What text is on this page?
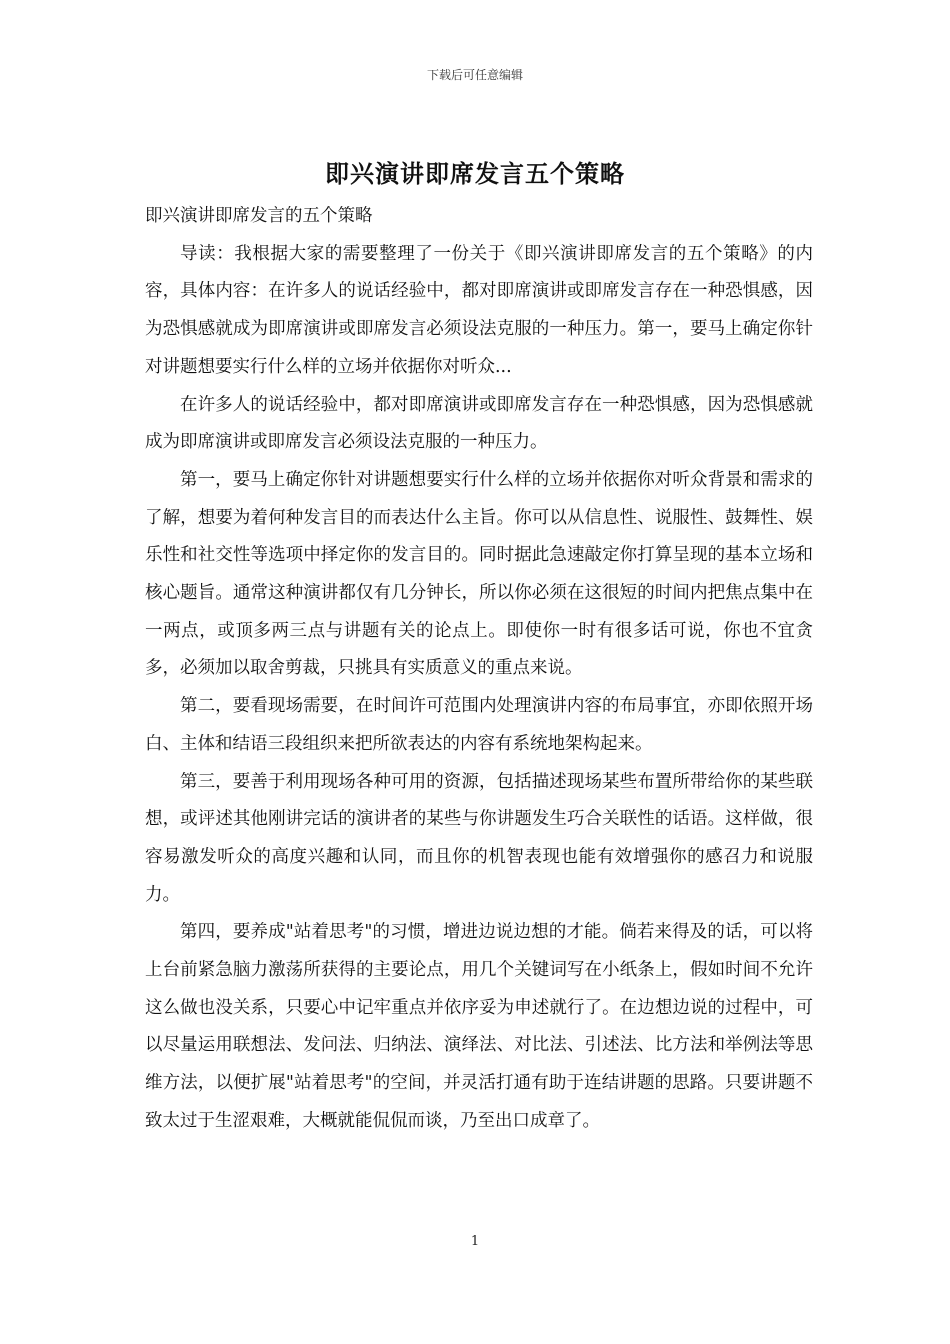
下载后可任意编辑
即兴演讲即席发言五个策略

即兴演讲即席发言的五个策略

导读：我根据大家的需要整理了一份关于《即兴演讲即席发言的五个策略》的内容，具体内容：在许多人的说话经验中，都对即席演讲或即席发言存在一种恐惧感，因为恐惧感就成为即席演讲或即席发言必须设法克服的一种压力。第一，要马上确定你针对讲题想要实行什么样的立场并依据你对听众...

在许多人的说话经验中，都对即席演讲或即席发言存在一种恐惧感，因为恐惧感就成为即席演讲或即席发言必须设法克服的一种压力。

第一，要马上确定你针对讲题想要实行什么样的立场并依据你对听众背景和需求的了解，想要为着何种发言目的而表达什么主旨。你可以从信息性、说服性、鼓舞性、娱乐性和社交性等选项中择定你的发言目的。同时据此急速敲定你打算呈现的基本立场和核心题旨。通常这种演讲都仅有几分钟长，所以你必须在这很短的时间内把焦点集中在一两点，或顶多两三点与讲题有关的论点上。即使你一时有很多话可说，你也不宜贪多，必须加以取舍剪裁，只挑具有实质意义的重点来说。

第二，要看现场需要，在时间许可范围内处理演讲内容的布局事宜，亦即依照开场白、主体和结语三段组织来把所欲表达的内容有系统地架构起来。

第三，要善于利用现场各种可用的资源，包括描述现场某些布置所带给你的某些联想，或评述其他刚讲完话的演讲者的某些与你讲题发生巧合关联性的话语。这样做，很容易激发听众的高度兴趣和认同，而且你的机智表现也能有效增强你的感召力和说服力。

第四，要养成"站着思考"的习惯，增进边说边想的才能。倘若来得及的话，可以将上台前紧急脑力激荡所获得的主要论点，用几个关键词写在小纸条上，假如时间不允许这么做也没关系，只要心中记牢重点并依序妥为申述就行了。在边想边说的过程中，可以尽量运用联想法、发问法、归纳法、演绎法、对比法、引述法、比方法和举例法等思维方法，以便扩展"站着思考"的空间，并灵活打通有助于连结讲题的思路。只要讲题不致太过于生涩艰难，大概就能侃侃而谈，乃至出口成章了。

1
